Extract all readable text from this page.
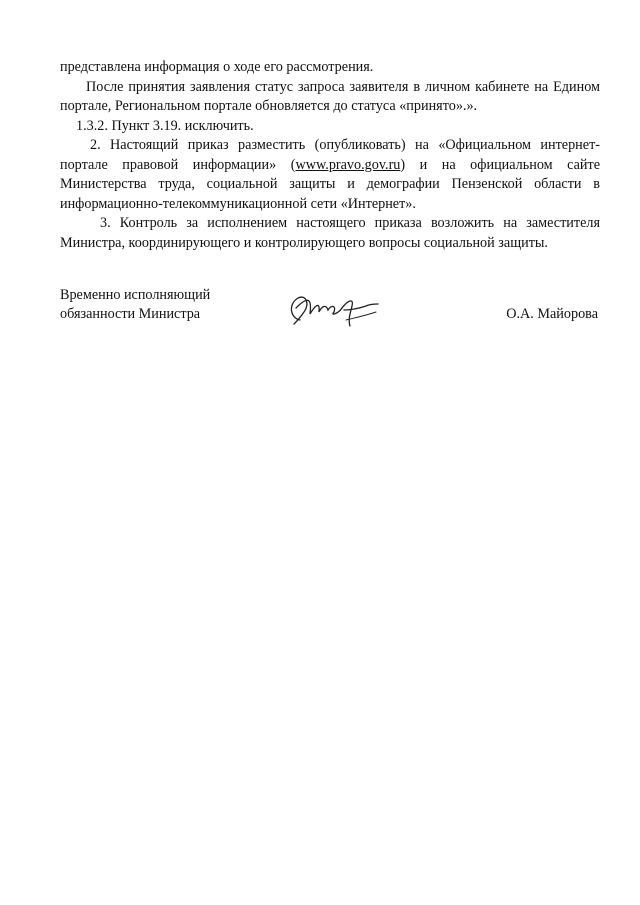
представлена информация о ходе его рассмотрения.

После принятия заявления статус запроса заявителя в личном кабинете на Едином портале, Региональном портале обновляется до статуса «принято».».

1.3.2. Пункт 3.19. исключить.

2. Настоящий приказ разместить (опубликовать) на «Официальном интернет-портале правовой информации» (www.pravo.gov.ru) и на официальном сайте Министерства труда, социальной защиты и демографии Пензенской области в информационно-телекоммуникационной сети «Интернет».

3. Контроль за исполнением настоящего приказа возложить на заместителя Министра, координирующего и контролирующего вопросы социальной защиты.

Временно исполняющий
обязанности Министра	О.А. Майорова
